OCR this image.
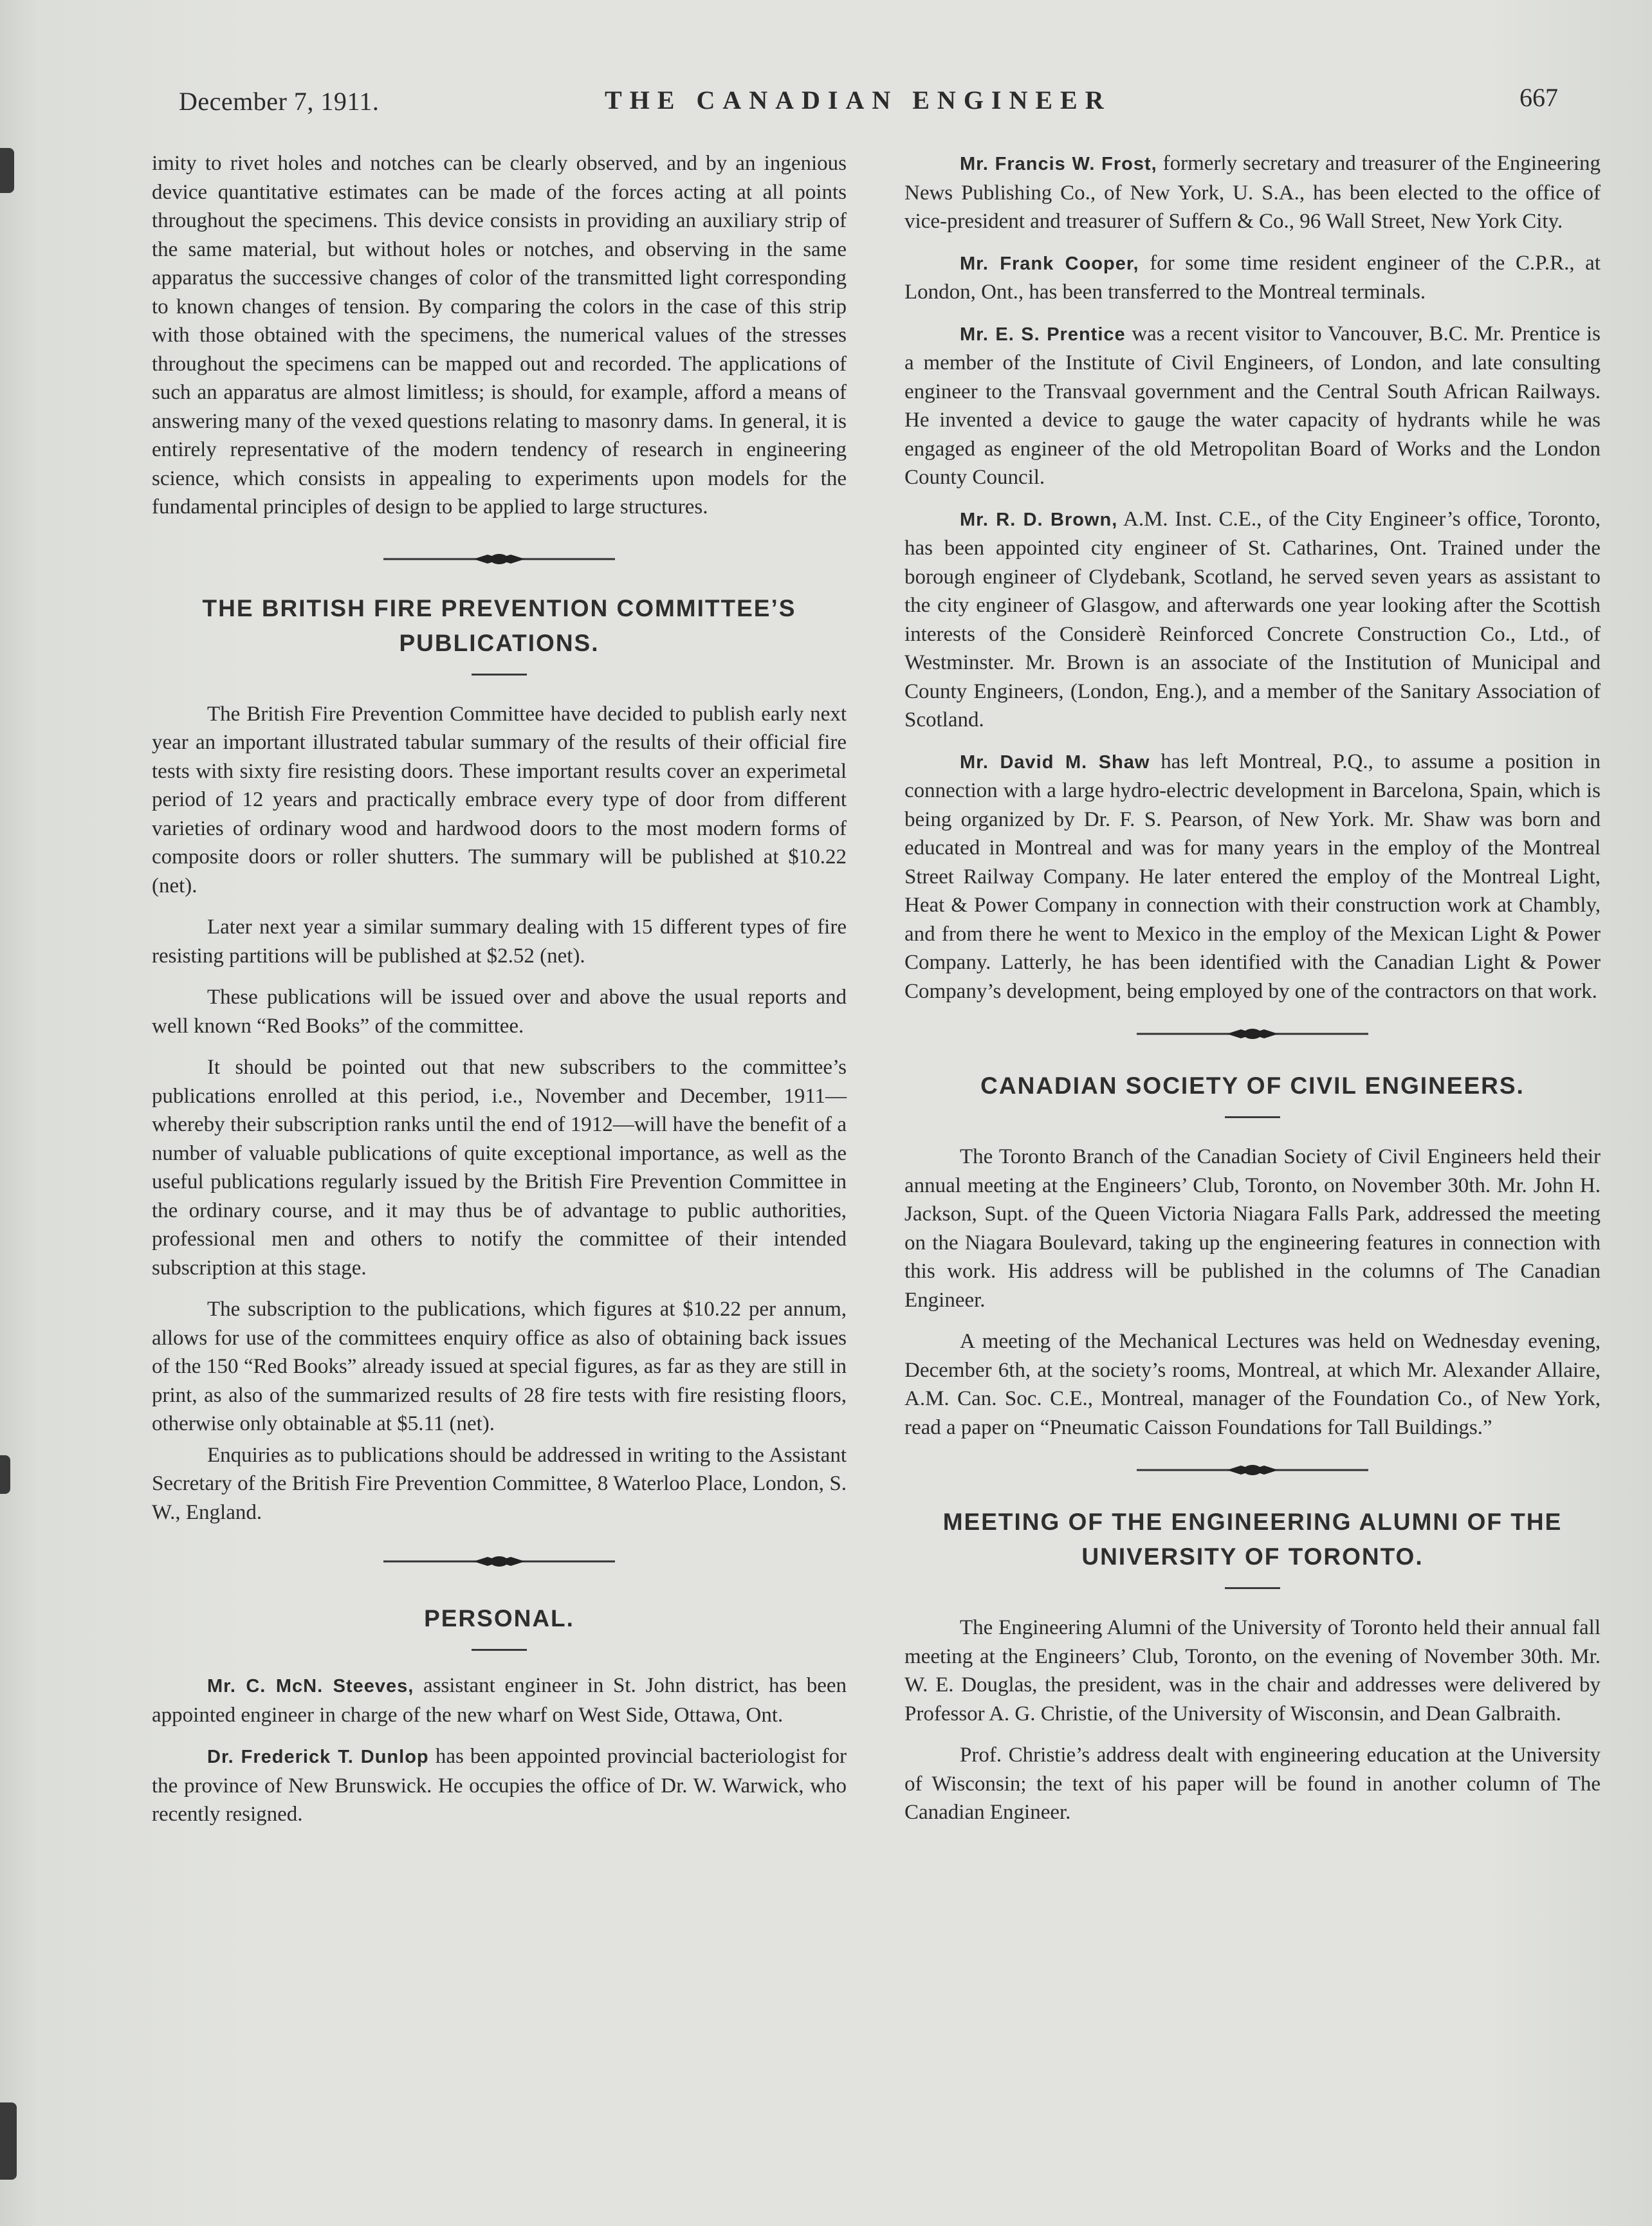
December 7, 1911.	THE CANADIAN ENGINEER	667

imity to rivet holes and notches can be clearly observed, and by an ingenious device quantitative estimates can be made of the forces acting at all points throughout the specimens. This device consists in providing an auxiliary strip of the same material, but without holes or notches, and observing in the same apparatus the successive changes of color of the transmitted light corresponding to known changes of tension. By comparing the colors in the case of this strip with those obtained with the specimens, the numerical values of the stresses throughout the specimens can be mapped out and recorded. The applications of such an apparatus are almost limitless; is should, for example, afford a means of answering many of the vexed questions relating to masonry dams. In general, it is entirely representative of the modern tendency of research in engineering science, which consists in appealing to experiments upon models for the fundamental principles of design to be applied to large structures.

THE BRITISH FIRE PREVENTION COMMITTEE’S PUBLICATIONS.

The British Fire Prevention Committee have decided to publish early next year an important illustrated tabular summary of the results of their official fire tests with sixty fire resisting doors. These important results cover an experimetal period of 12 years and practically embrace every type of door from different varieties of ordinary wood and hardwood doors to the most modern forms of composite doors or roller shutters. The summary will be published at $10.22 (net).

Later next year a similar summary dealing with 15 different types of fire resisting partitions will be published at $2.52 (net).

These publications will be issued over and above the usual reports and well known “Red Books” of the committee.

It should be pointed out that new subscribers to the committee’s publications enrolled at this period, i.e., November and December, 1911—whereby their subscription ranks until the end of 1912—will have the benefit of a number of valuable publications of quite exceptional importance, as well as the useful publications regularly issued by the British Fire Prevention Committee in the ordinary course, and it may thus be of advantage to public authorities, professional men and others to notify the committee of their intended subscription at this stage.

The subscription to the publications, which figures at $10.22 per annum, allows for use of the committees enquiry office as also of obtaining back issues of the 150 “Red Books” already issued at special figures, as far as they are still in print, as also of the summarized results of 28 fire tests with fire resisting floors, otherwise only obtainable at $5.11 (net).

Enquiries as to publications should be addressed in writing to the Assistant Secretary of the British Fire Prevention Committee, 8 Waterloo Place, London, S. W., England.

PERSONAL.

Mr. C. McN. Steeves, assistant engineer in St. John district, has been appointed engineer in charge of the new wharf on West Side, Ottawa, Ont.

Dr. Frederick T. Dunlop has been appointed provincial bacteriologist for the province of New Brunswick. He occupies the office of Dr. W. Warwick, who recently resigned.

Mr. Francis W. Frost, formerly secretary and treasurer of the Engineering News Publishing Co., of New York, U. S.A., has been elected to the office of vice-president and treasurer of Suffern & Co., 96 Wall Street, New York City.

Mr. Frank Cooper, for some time resident engineer of the C.P.R., at London, Ont., has been transferred to the Montreal terminals.

Mr. E. S. Prentice was a recent visitor to Vancouver, B.C. Mr. Prentice is a member of the Institute of Civil Engineers, of London, and late consulting engineer to the Transvaal government and the Central South African Railways. He invented a device to gauge the water capacity of hydrants while he was engaged as engineer of the old Metropolitan Board of Works and the London County Council.

Mr. R. D. Brown, A.M. Inst. C.E., of the City Engineer’s office, Toronto, has been appointed city engineer of St. Catharines, Ont. Trained under the borough engineer of Clydebank, Scotland, he served seven years as assistant to the city engineer of Glasgow, and afterwards one year looking after the Scottish interests of the Considerè Reinforced Concrete Construction Co., Ltd., of Westminster. Mr. Brown is an associate of the Institution of Municipal and County Engineers, (London, Eng.), and a member of the Sanitary Association of Scotland.

Mr. David M. Shaw has left Montreal, P.Q., to assume a position in connection with a large hydro-electric development in Barcelona, Spain, which is being organized by Dr. F. S. Pearson, of New York. Mr. Shaw was born and educated in Montreal and was for many years in the employ of the Montreal Street Railway Company. He later entered the employ of the Montreal Light, Heat & Power Company in connection with their construction work at Chambly, and from there he went to Mexico in the employ of the Mexican Light & Power Company. Latterly, he has been identified with the Canadian Light & Power Company’s development, being employed by one of the contractors on that work.

CANADIAN SOCIETY OF CIVIL ENGINEERS.

The Toronto Branch of the Canadian Society of Civil Engineers held their annual meeting at the Engineers’ Club, Toronto, on November 30th. Mr. John H. Jackson, Supt. of the Queen Victoria Niagara Falls Park, addressed the meeting on the Niagara Boulevard, taking up the engineering features in connection with this work. His address will be published in the columns of The Canadian Engineer.

A meeting of the Mechanical Lectures was held on Wednesday evening, December 6th, at the society’s rooms, Montreal, at which Mr. Alexander Allaire, A.M. Can. Soc. C.E., Montreal, manager of the Foundation Co., of New York, read a paper on “Pneumatic Caisson Foundations for Tall Buildings.”

MEETING OF THE ENGINEERING ALUMNI OF THE UNIVERSITY OF TORONTO.

The Engineering Alumni of the University of Toronto held their annual fall meeting at the Engineers’ Club, Toronto, on the evening of November 30th. Mr. W. E. Douglas, the president, was in the chair and addresses were delivered by Professor A. G. Christie, of the University of Wisconsin, and Dean Galbraith.

Prof. Christie’s address dealt with engineering education at the University of Wisconsin; the text of his paper will be found in another column of The Canadian Engineer.
